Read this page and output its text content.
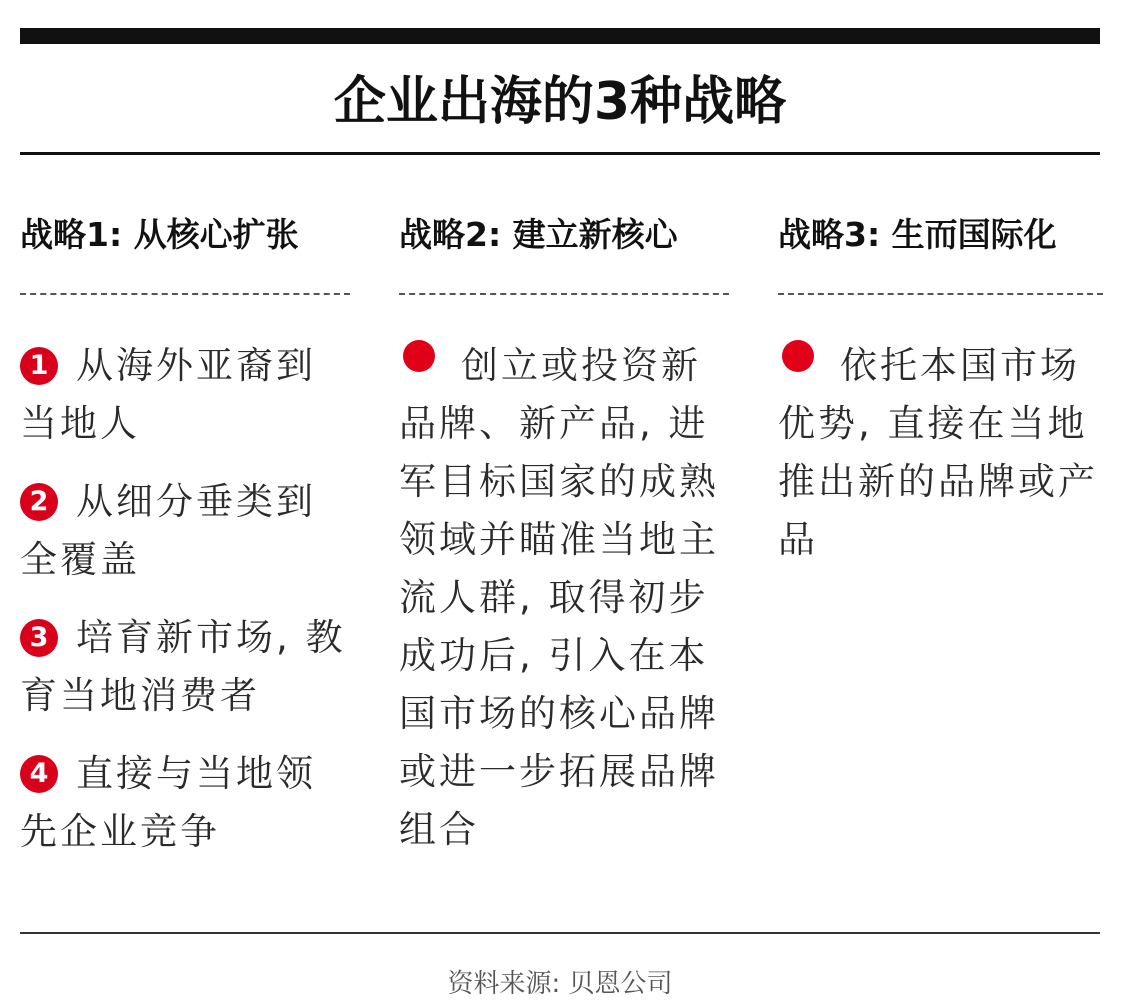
企业出海的3种战略
战略1: 从核心扩张

1 从海外亚裔到当地人

2 从细分垂类到全覆盖

3 培育新市场, 教育当地消费者

4 直接与当地领先企业竞争

战略2: 建立新核心

创立或投资新品牌、新产品, 进军目标国家的成熟领域并瞄准当地主流人群, 取得初步成功后, 引入在本国市场的核心品牌或进一步拓展品牌组合

战略3: 生而国际化

依托本国市场优势, 直接在当地推出新的品牌或产品

资料来源: 贝恩公司
